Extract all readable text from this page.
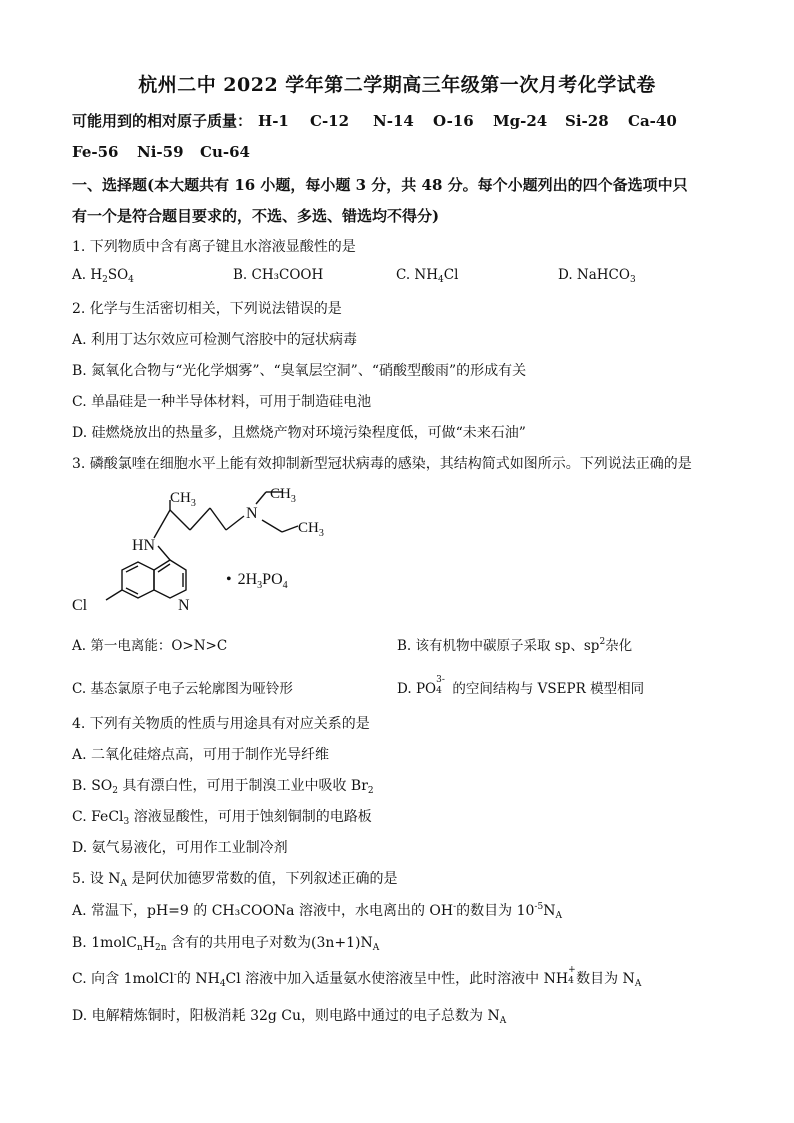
杭州二中 2022 学年第二学期高三年级第一次月考化学试卷
可能用到的相对原子质量： H-1 C-12 N-14 O-16 Mg-24 Si-28 Ca-40
Fe-56 Ni-59 Cu-64
一、选择题(本大题共有 16 小题，每小题 3 分，共 48 分。每个小题列出的四个备选项中只
有一个是符合题目要求的，不选、多选、错选均不得分)
1. 下列物质中含有离子键且水溶液显酸性的是
A. $H_2SO_4$	B. CH₃COOH	C. $NH_4Cl$	D. NaHCO$_3$
2. 化学与生活密切相关，下列说法错误的是
A. 利用丁达尔效应可检测气溶胶中的冠状病毒
B. 氮氧化合物与“光化学烟雾”、“臭氧层空洞”、“硝酸型酸雨”的形成有关
C. 单晶硅是一种半导体材料，可用于制造硅电池
D. 硅燃烧放出的热量多，且燃烧产物对环境污染程度低，可做“未来石油”
3. 磷酸氯喹在细胞水平上能有效抑制新型冠状病毒的感染，其结构简式如图所示。下列说法正确的是
$CH_3$
$CH_3$
$CH_3$
N
HN
N
Cl
• $2H_3PO_4$
A. 第一电离能：O>N>C	B. 该有机物中碳原子采取 sp、$sp^2$杂化
C. 基态氯原子电子云轮廓图为哑铃形	D. PO
3-
4 的空间结构与 VSEPR 模型相同
4. 下列有关物质的性质与用途具有对应关系的是
A. 二氧化硅熔点高，可用于制作光导纤维
B. $SO_2$ 具有漂白性，可用于制溴工业中吸收 $Br_2$
C. FeCl$_3$ 溶液显酸性，可用于蚀刻铜制的电路板
D. 氨气易液化，可用作工业制冷剂
5. 设 $N_A$ 是阿伏加德罗常数的值，下列叙述正确的是
A. 常温下，pH=9 的 CH₃COONa 溶液中，水电离出的 OH-的数目为 $10^{-5}N_A$
B. $1molC_nH_{2n}$ 含有的共用电子对数为$(3n+1)N_A$
C. 向含 1molCl-的 $NH_4Cl$ 溶液中加入适量氨水使溶液呈中性，此时溶液中 NH
+
4 数目为 $N_A$
D. 电解精炼铜时，阳极消耗 32g Cu，则电路中通过的电子总数为 $N_A$
